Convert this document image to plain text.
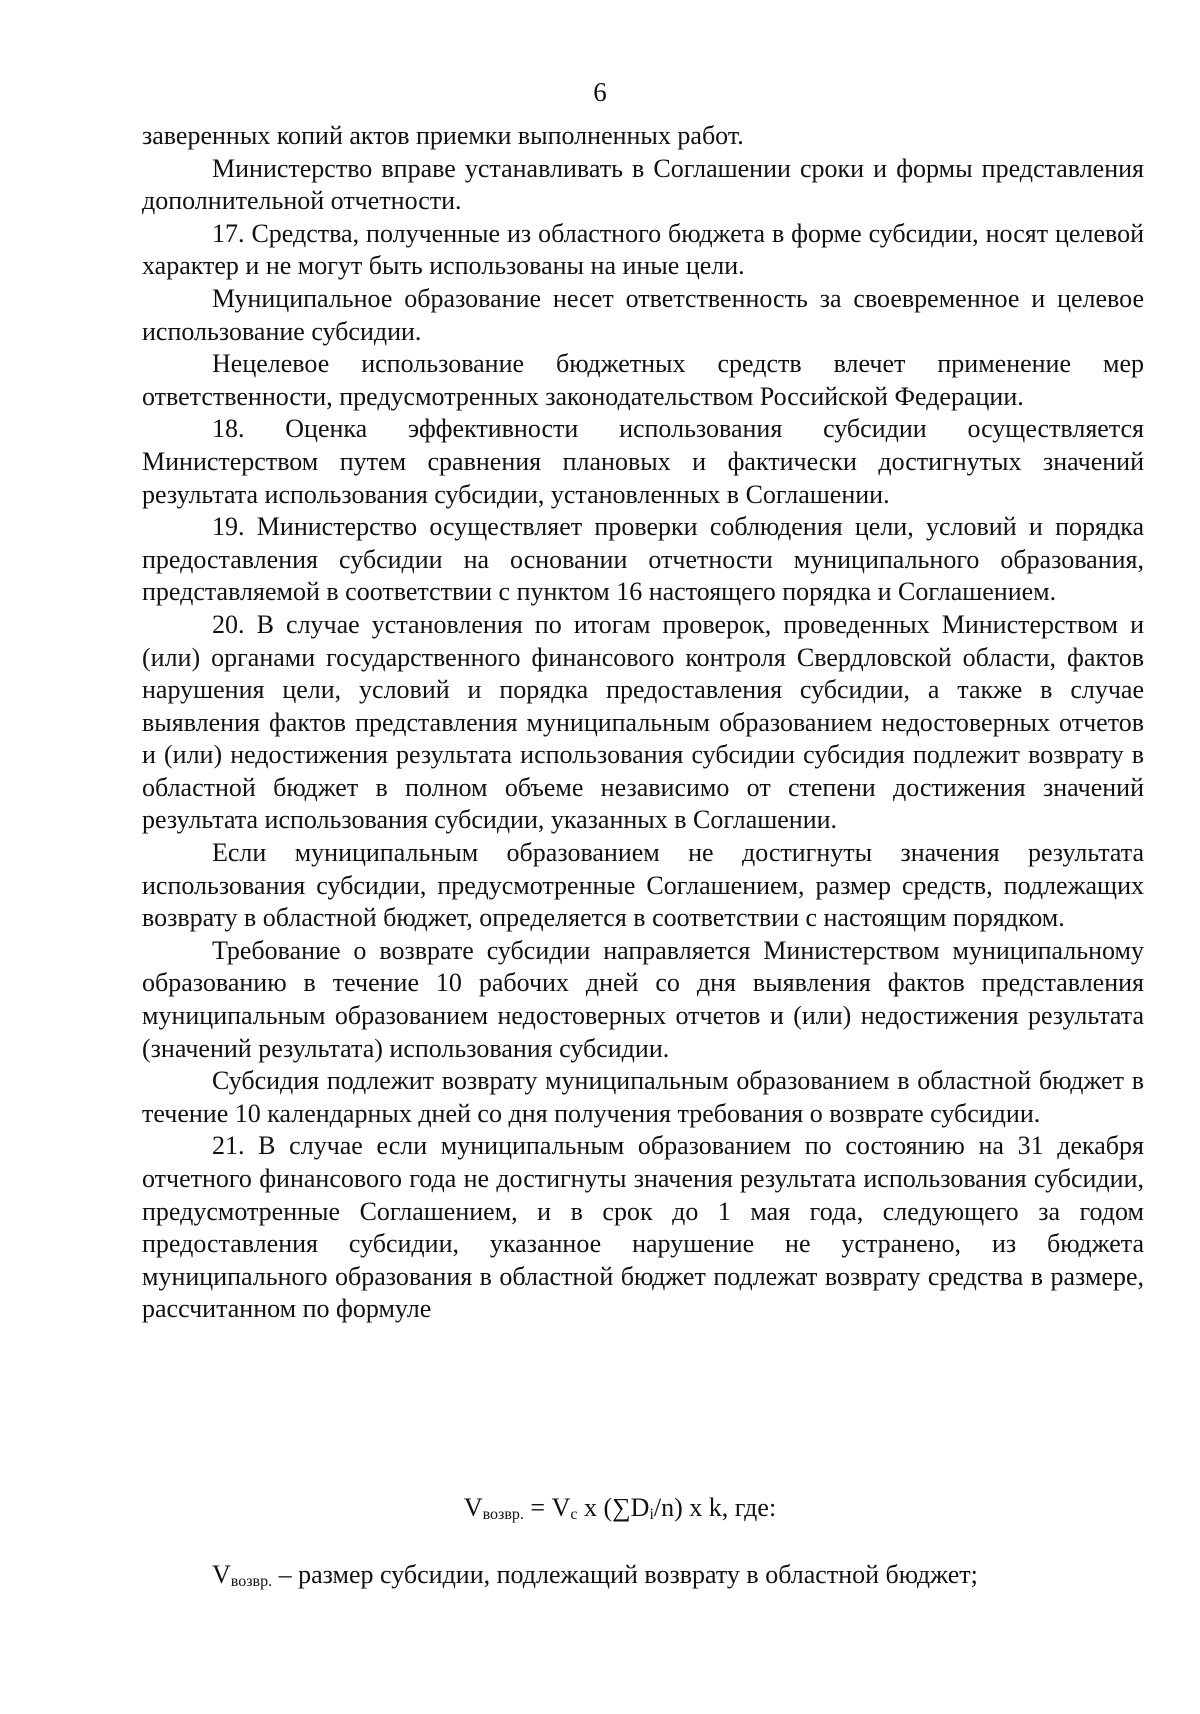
6

заверенных копий актов приемки выполненных работ.

Министерство вправе устанавливать в Соглашении сроки и формы представления дополнительной отчетности.

17. Средства, полученные из областного бюджета в форме субсидии, носят целевой характер и не могут быть использованы на иные цели.

Муниципальное образование несет ответственность за своевременное и целевое использование субсидии.

Нецелевое использование бюджетных средств влечет применение мер ответственности, предусмотренных законодательством Российской Федерации.

18. Оценка эффективности использования субсидии осуществляется Министерством путем сравнения плановых и фактически достигнутых значений результата использования субсидии, установленных в Соглашении.

19. Министерство осуществляет проверки соблюдения цели, условий и порядка предоставления субсидии на основании отчетности муниципального образования, представляемой в соответствии с пунктом 16 настоящего порядка и Соглашением.

20. В случае установления по итогам проверок, проведенных Министерством и (или) органами государственного финансового контроля Свердловской области, фактов нарушения цели, условий и порядка предоставления субсидии, а также в случае выявления фактов представления муниципальным образованием недостоверных отчетов и (или) недостижения результата использования субсидии субсидия подлежит возврату в областной бюджет в полном объеме независимо от степени достижения значений результата использования субсидии, указанных в Соглашении.

Если муниципальным образованием не достигнуты значения результата использования субсидии, предусмотренные Соглашением, размер средств, подлежащих возврату в областной бюджет, определяется в соответствии с настоящим порядком.

Требование о возврате субсидии направляется Министерством муниципальному образованию в течение 10 рабочих дней со дня выявления фактов представления муниципальным образованием недостоверных отчетов и (или) недостижения результата (значений результата) использования субсидии.

Субсидия подлежит возврату муниципальным образованием в областной бюджет в течение 10 календарных дней со дня получения требования о возврате субсидии.

21. В случае если муниципальным образованием по состоянию на 31 декабря отчетного финансового года не достигнуты значения результата использования субсидии, предусмотренные Соглашением, и в срок до 1 мая года, следующего за годом предоставления субсидии, указанное нарушение не устранено, из бюджета муниципального образования в областной бюджет подлежат возврату средства в размере, рассчитанном по формуле

$V_{возвр.} = V_c$ x $(\sum D_i/n)$ x k, где:
$V_{возвр.}$ – размер субсидии, подлежащий возврату в областной бюджет;
